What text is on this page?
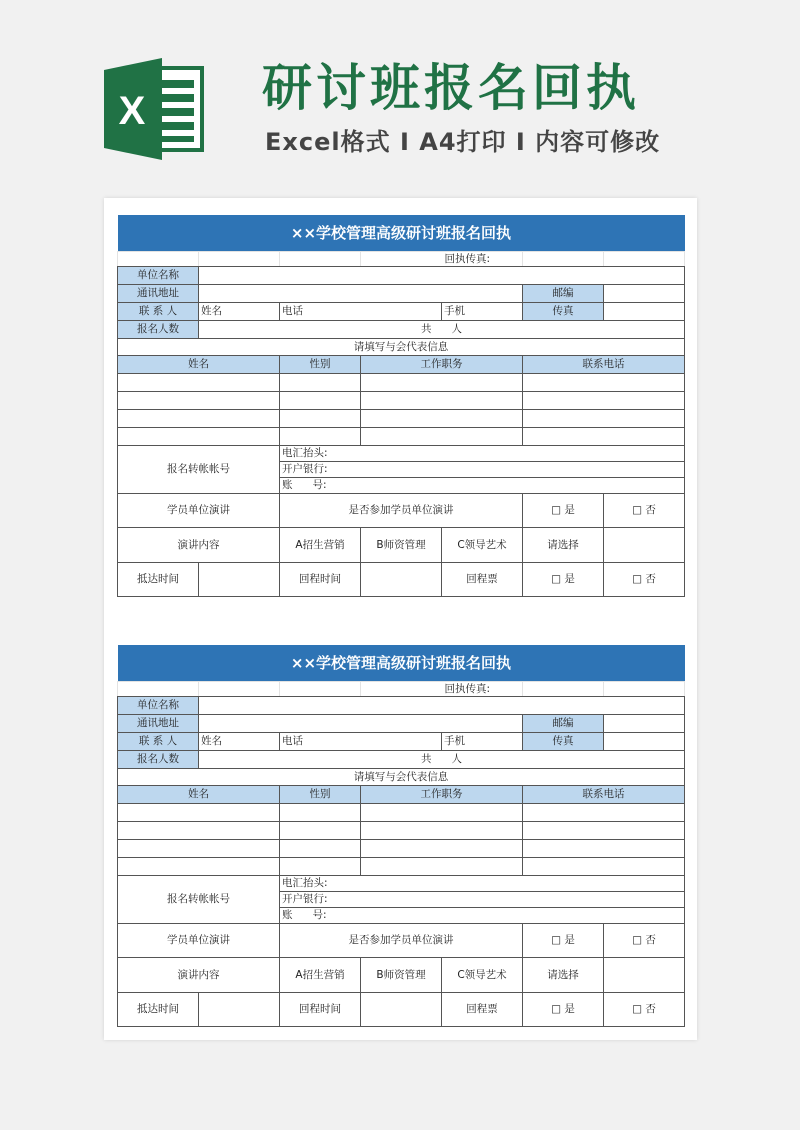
X 研讨班报名回执
Excel格式 I A4打印 I 内容可修改
××学校管理高级研讨班报名回执						
			回执传真:			
单位名称						
通讯地址					邮编	
联 系 人	姓名	电话		手机	传真	
报名人数	共      人					
请填写与会代表信息						
姓名		性别	工作职务		联系电话	

报名转帐帐号		电汇抬头:				
		开户银行:				
		账      号:				
学员单位演讲		是否参加学员单位演讲			□ 是	□ 否
演讲内容		A招生营销	B师资管理	C领导艺术	请选择	
抵达时间		回程时间		回程票	□ 是	□ 否
××学校管理高级研讨班报名回执						
			回执传真:			
单位名称						
通讯地址					邮编	
联 系 人	姓名	电话		手机	传真	
报名人数	共      人					
请填写与会代表信息						
姓名		性别	工作职务		联系电话	

报名转帐帐号		电汇抬头:				
		开户银行:				
		账      号:				
学员单位演讲		是否参加学员单位演讲			□ 是	□ 否
演讲内容		A招生营销	B师资管理	C领导艺术	请选择	
抵达时间		回程时间		回程票	□ 是	□ 否
